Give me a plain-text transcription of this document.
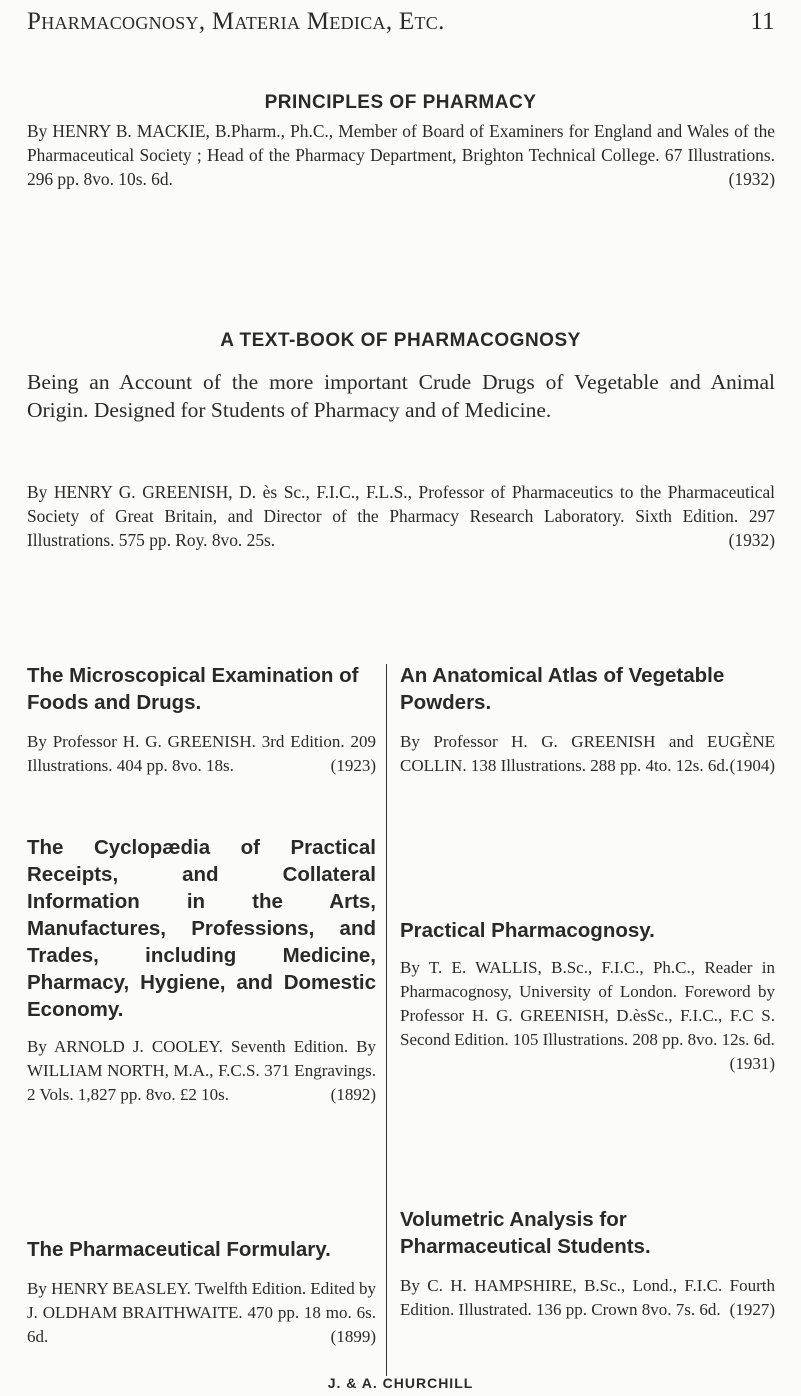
Pharmacognosy, Materia Medica, Etc.	11
PRINCIPLES OF PHARMACY
By HENRY B. MACKIE, B.Pharm., Ph.C., Member of Board of Examiners for England and Wales of the Pharmaceutical Society ; Head of the Pharmacy Department, Brighton Technical College. 67 Illustrations. 296 pp. 8vo. 10s. 6d.	(1932)
A TEXT-BOOK OF PHARMACOGNOSY
Being an Account of the more important Crude Drugs of Vegetable and Animal Origin. Designed for Students of Pharmacy and of Medicine.
By HENRY G. GREENISH, D. ès Sc., F.I.C., F.L.S., Professor of Pharmaceutics to the Pharmaceutical Society of Great Britain, and Director of the Pharmacy Research Laboratory. Sixth Edition. 297 Illustrations. 575 pp. Roy. 8vo. 25s.	(1932)
The Microscopical Examination of Foods and Drugs.
By Professor H. G. GREENISH. 3rd Edition. 209 Illustrations. 404 pp. 8vo. 18s.	(1923)
The Cyclopædia of Practical Receipts, and Collateral Information in the Arts, Manufactures, Professions, and Trades, including Medicine, Pharmacy, Hygiene, and Domestic Economy.
By ARNOLD J. COOLEY. Seventh Edition. By WILLIAM NORTH, M.A., F.C.S. 371 Engravings. 2 Vols. 1,827 pp. 8vo. £2 10s.	(1892)
The Pharmaceutical Formulary.
By HENRY BEASLEY. Twelfth Edition. Edited by J. OLDHAM BRAITHWAITE. 470 pp. 18 mo. 6s. 6d.	(1899)
An Anatomical Atlas of Vegetable Powders.
By Professor H. G. GREENISH and EUGÈNE COLLIN. 138 Illustrations. 288 pp. 4to. 12s. 6d. (1904)
Practical Pharmacognosy.
By T. E. WALLIS, B.Sc., F.I.C., Ph.C., Reader in Pharmacognosy, University of London. Foreword by Professor H. G. GREENISH, D.èsSc., F.I.C., F.C S. Second Edition. 105 Illustrations. 208 pp. 8vo. 12s. 6d.
(1931)
Volumetric Analysis for Pharmaceutical Students.
By C. H. HAMPSHIRE, B.Sc., Lond., F.I.C. Fourth Edition. Illustrated. 136 pp. Crown 8vo. 7s. 6d. (1927)
J. & A. CHURCHILL
